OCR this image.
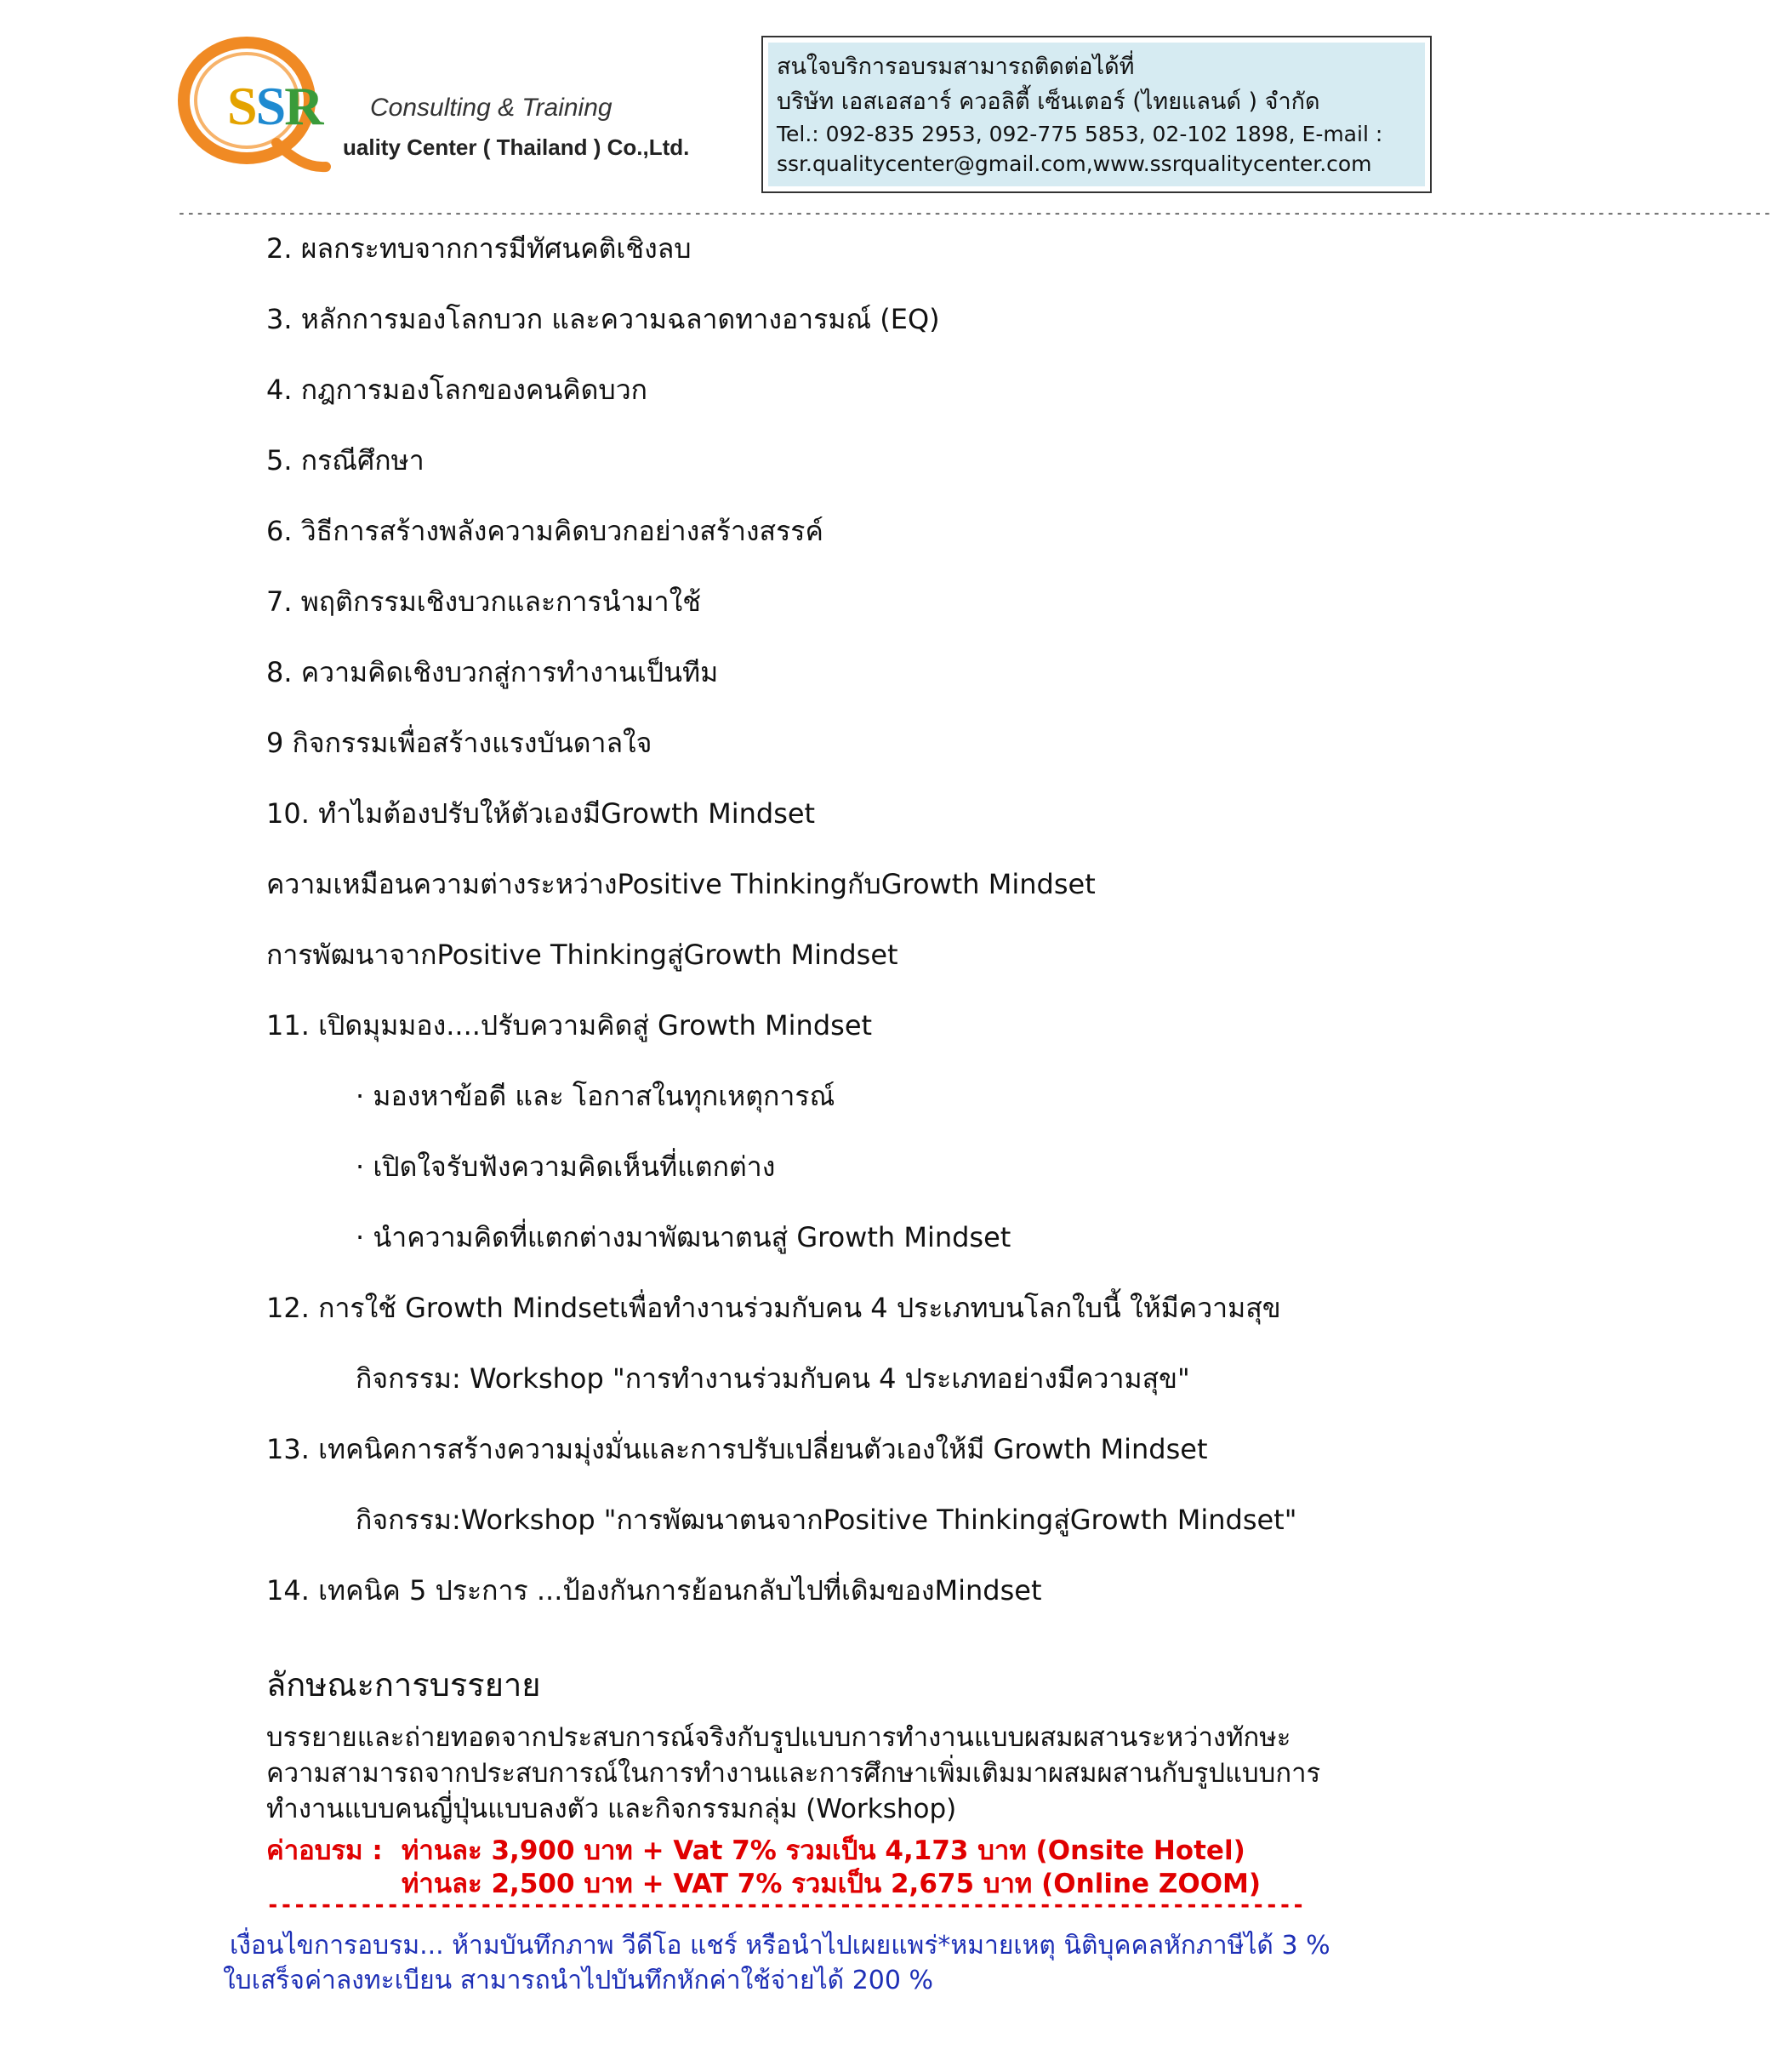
SSR Consulting & Training
uality Center ( Thailand ) Co.,Ltd.
สนใจบริการอบรมสามารถติดต่อได้ที่
บริษัท เอสเอสอาร์ ควอลิตี้ เซ็นเตอร์ (ไทยแลนด์ ) จำกัด
Tel.: 092-835 2953, 092-775 5853, 02-102 1898, E-mail :
ssr.qualitycenter@gmail.com,www.ssrqualitycenter.com
-----------------------------------------------------------------------------------------------------------------------------------------------------------------------------
2. ผลกระทบจากการมีทัศนคติเชิงลบ
3. หลักการมองโลกบวก และความฉลาดทางอารมณ์ (EQ)
4. กฎการมองโลกของคนคิดบวก
5. กรณีศึกษา
6. วิธีการสร้างพลังความคิดบวกอย่างสร้างสรรค์
7. พฤติกรรมเชิงบวกและการนำมาใช้
8. ความคิดเชิงบวกสู่การทำงานเป็นทีม
9 กิจกรรมเพื่อสร้างแรงบันดาลใจ
10. ทำไมต้องปรับให้ตัวเองมีGrowth Mindset
ความเหมือนความต่างระหว่างPositive ThinkingกับGrowth Mindset
การพัฒนาจากPositive Thinkingสู่Growth Mindset
11. เปิดมุมมอง....ปรับความคิดสู่ Growth Mindset
· มองหาข้อดี และ โอกาสในทุกเหตุการณ์
· เปิดใจรับฟังความคิดเห็นที่แตกต่าง
· นำความคิดที่แตกต่างมาพัฒนาตนสู่ Growth Mindset
12. การใช้ Growth Mindsetเพื่อทำงานร่วมกับคน 4 ประเภทบนโลกใบนี้ ให้มีความสุข
กิจกรรม: Workshop "การทำงานร่วมกับคน 4 ประเภทอย่างมีความสุข"
13. เทคนิคการสร้างความมุ่งมั่นและการปรับเปลี่ยนตัวเองให้มี Growth Mindset
กิจกรรม:Workshop "การพัฒนาตนจากPositive Thinkingสู่Growth Mindset"
14. เทคนิค 5 ประการ ...ป้องกันการย้อนกลับไปที่เดิมของMindset
ลักษณะการบรรยาย
บรรยายและถ่ายทอดจากประสบการณ์จริงกับรูปแบบการทำงานแบบผสมผสานระหว่างทักษะ
ความสามารถจากประสบการณ์ในการทำงานและการศึกษาเพิ่มเติมมาผสมผสานกับรูปแบบการ
ทำงานแบบคนญี่ปุ่นแบบลงตัว และกิจกรรมกลุ่ม (Workshop)
ค่าอบรม : ท่านละ 3,900 บาท + Vat 7% รวมเป็น 4,173 บาท (Onsite Hotel)
ท่านละ 2,500 บาท + VAT 7% รวมเป็น 2,675 บาท (Online ZOOM)
------------------------------------------------------------------------------
เงื่อนไขการอบรม... ห้ามบันทึกภาพ วีดีโอ แชร์ หรือนำไปเผยแพร่*หมายเหตุ นิติบุคคลหักภาษีได้ 3 %
ใบเสร็จค่าลงทะเบียน สามารถนำไปบันทึกหักค่าใช้จ่ายได้ 200 %
